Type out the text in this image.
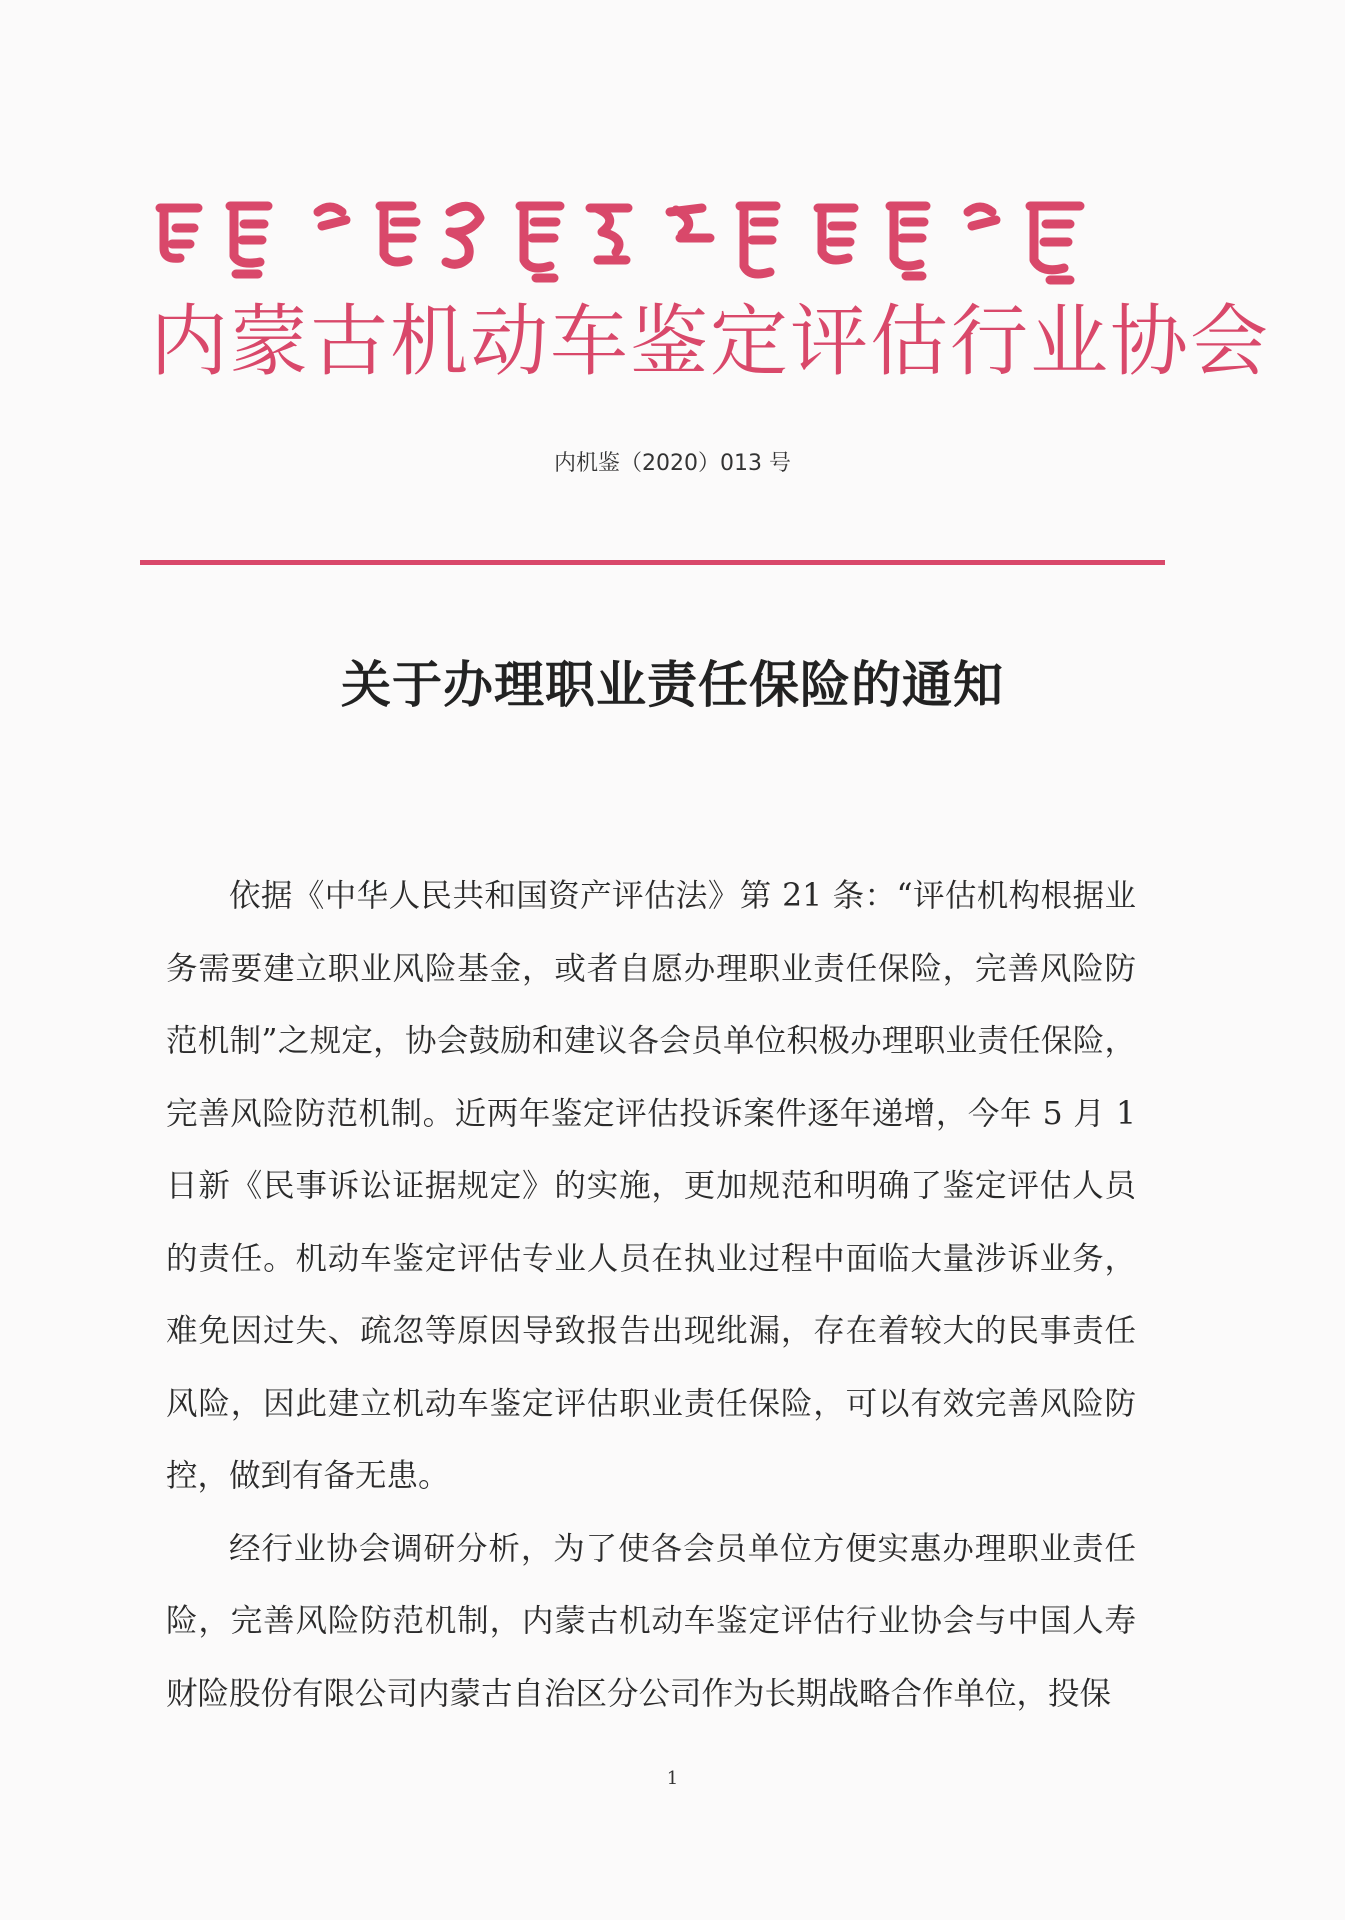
内蒙古机动车鉴定评估行业协会
内机鉴（2020）013 号
关于办理职业责任保险的通知

依据《中华人民共和国资产评估法》第 21 条：“评估机构根据业务需要建立职业风险基金，或者自愿办理职业责任保险，完善风险防范机制”之规定，协会鼓励和建议各会员单位积极办理职业责任保险，完善风险防范机制。近两年鉴定评估投诉案件逐年递增，今年 5 月 1 日新《民事诉讼证据规定》的实施，更加规范和明确了鉴定评估人员的责任。机动车鉴定评估专业人员在执业过程中面临大量涉诉业务，难免因过失、疏忽等原因导致报告出现纰漏，存在着较大的民事责任风险，因此建立机动车鉴定评估职业责任保险，可以有效完善风险防控，做到有备无患。

经行业协会调研分析，为了使各会员单位方便实惠办理职业责任险，完善风险防范机制，内蒙古机动车鉴定评估行业协会与中国人寿财险股份有限公司内蒙古自治区分公司作为长期战略合作单位，投保

1
